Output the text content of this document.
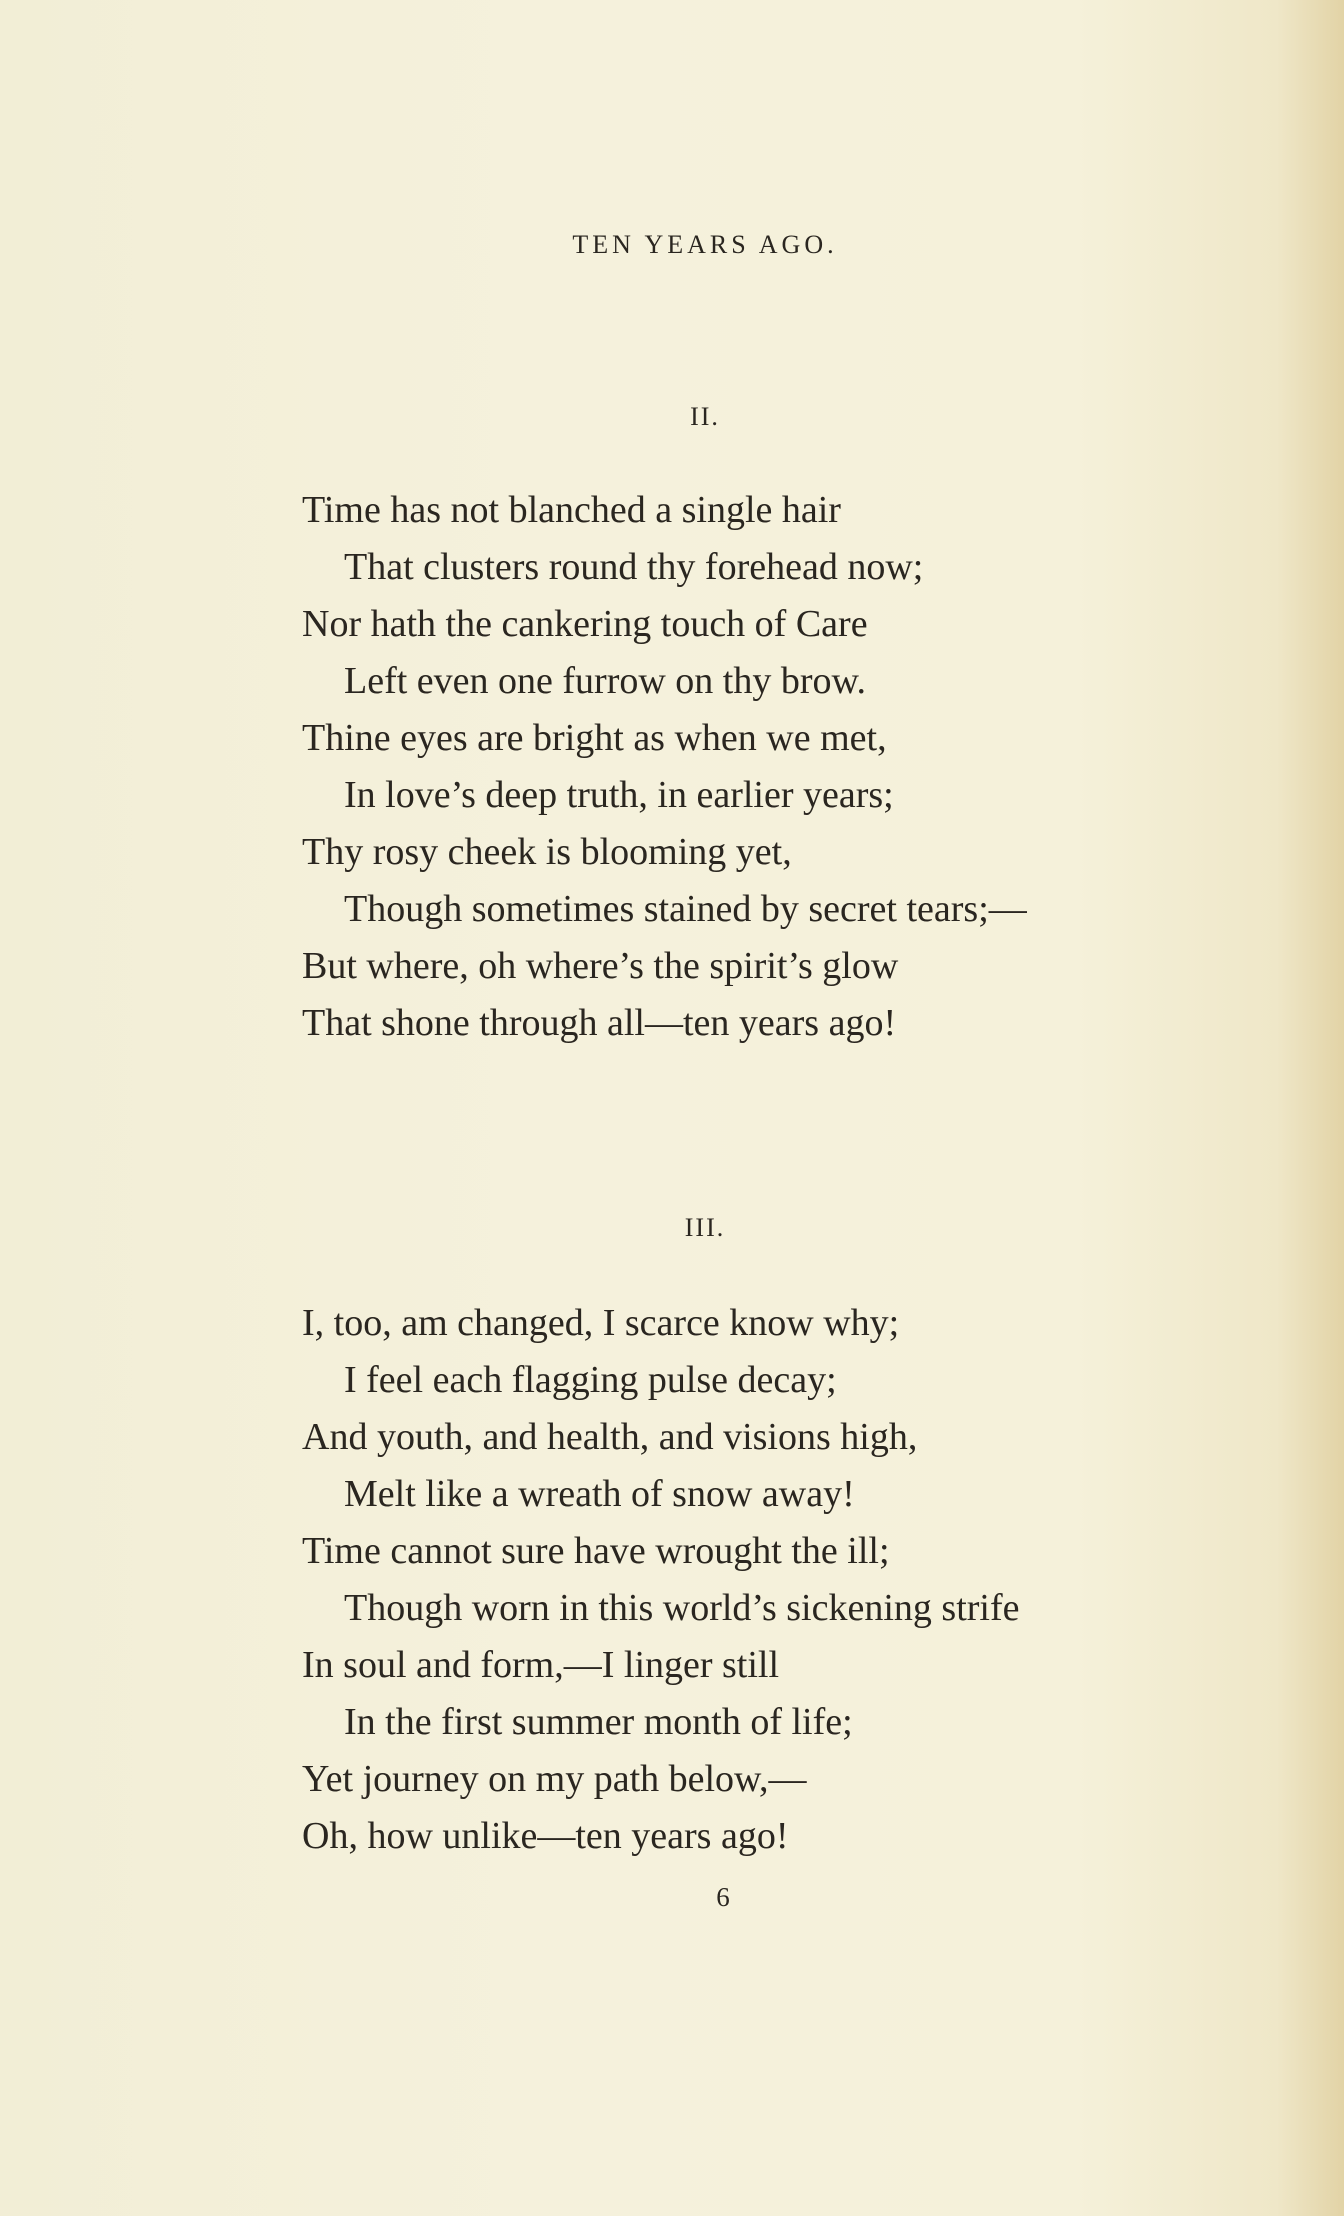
TEN YEARS AGO.
II.
Time has not blanched a single hair
That clusters round thy forehead now;
Nor hath the cankering touch of Care
Left even one furrow on thy brow.
Thine eyes are bright as when we met,
In love’s deep truth, in earlier years;
Thy rosy cheek is blooming yet,
Though sometimes stained by secret tears;—
But where, oh where’s the spirit’s glow
That shone through all—ten years ago!
III.
I, too, am changed, I scarce know why;
I feel each flagging pulse decay;
And youth, and health, and visions high,
Melt like a wreath of snow away!
Time cannot sure have wrought the ill;
Though worn in this world’s sickening strife
In soul and form,—I linger still
In the first summer month of life;
Yet journey on my path below,—
Oh, how unlike—ten years ago!
6
